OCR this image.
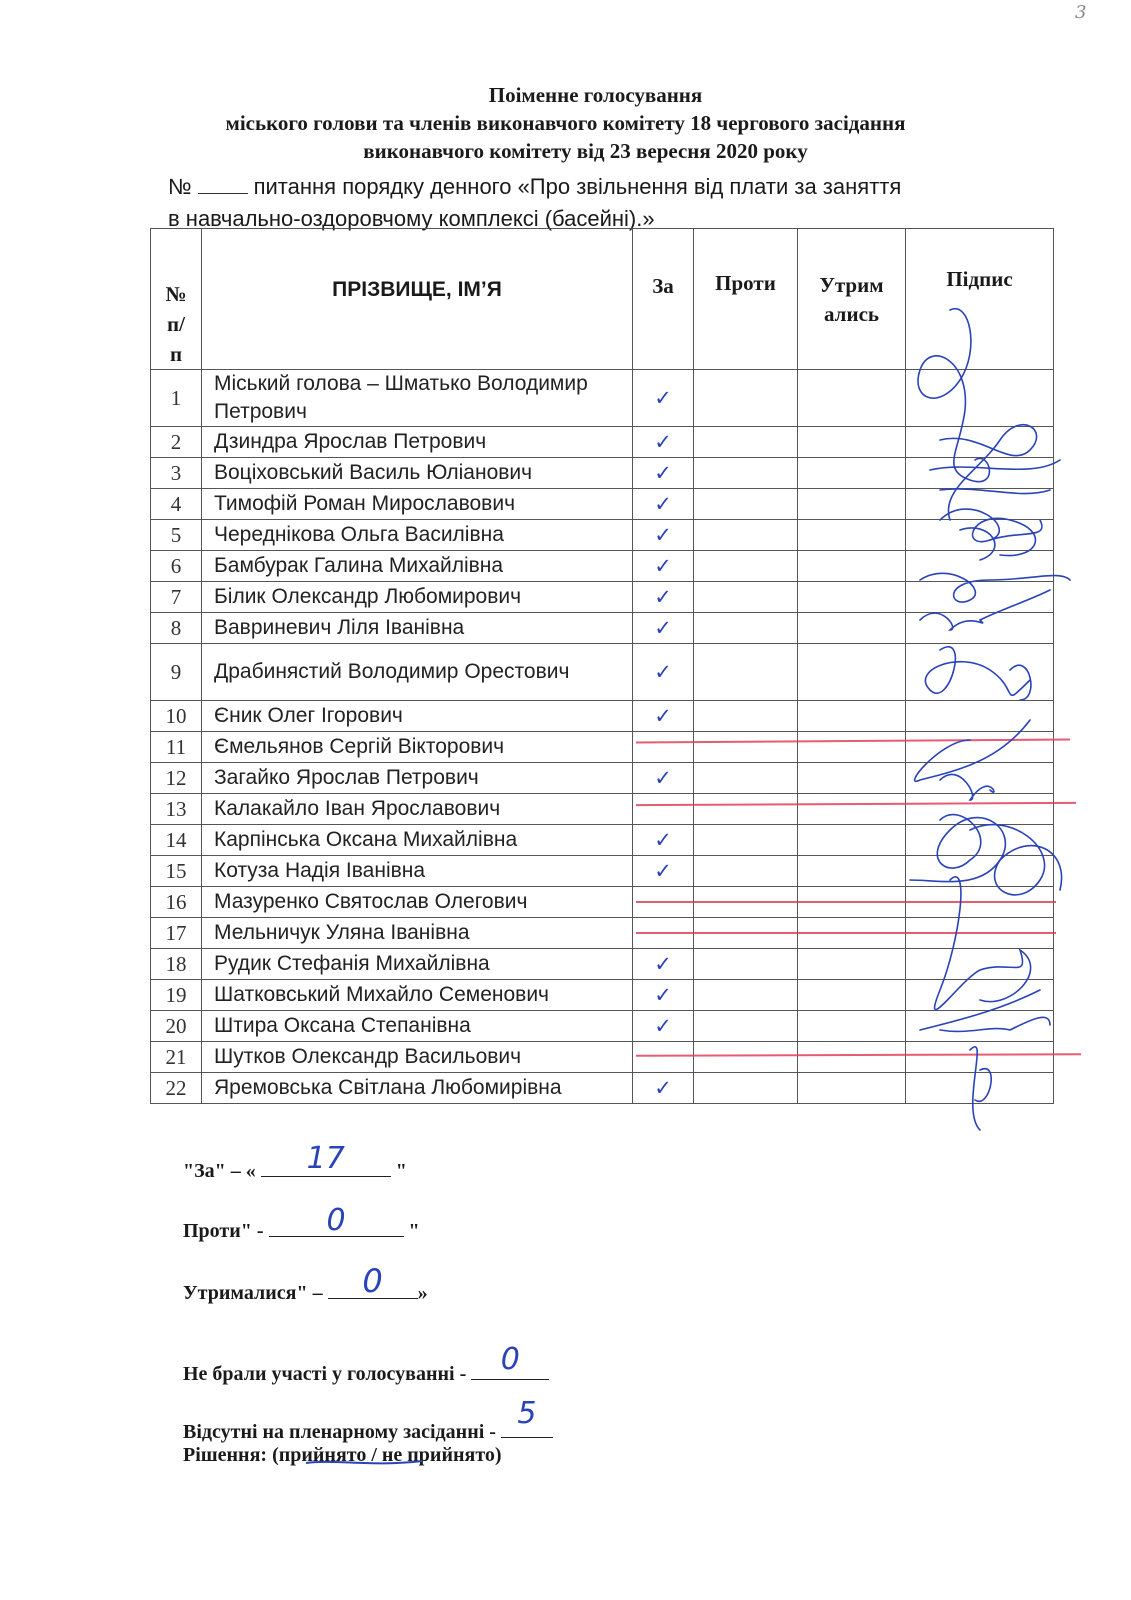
3
Поіменне голосування
міського голови та членів виконавчого комітету 18 чергового засідання
виконавчого комітету від 23 вересня 2020 року
№	питання порядку денного «Про звільнення від плати за заняття
в навчально-оздоровчому комплексі (басейні).»
№
п/
п	ПРІЗВИЩЕ, ІМ’Я	За	Проти	Утрим
ались	Підпис
1	Міський голова – Шматько Володимир Петрович	✓			
2	Дзиндра Ярослав Петрович	✓			
3	Воціховський Василь Юліанович	✓			
4	Тимофій Роман Мирославович	✓			
5	Череднікова Ольга Василівна	✓			
6	Бамбурак Галина Михайлівна	✓			
7	Білик Олександр Любомирович	✓			
8	Вавриневич Ліля Іванівна	✓			
9	Драбинястий Володимир Орестович	✓			
10	Єник Олег Ігорович	✓			
11	Ємельянов Сергій Вікторович				
12	Загайко Ярослав Петрович	✓			
13	Калакайло Іван Ярославович				
14	Карпінська Оксана Михайлівна	✓			
15	Котуза Надія Іванівна	✓			
16	Мазуренко Святослав Олегович				
17	Мельничук Уляна Іванівна				
18	Рудик Стефанія Михайлівна	✓			
19	Шатковський Михайло Семенович	✓			
20	Штира Оксана Степанівна	✓			
21	Шутков Олександр Васильович				
22	Яремовська Світлана Любомирівна	✓			
"За" – «	17	"
Проти" -	0	"
Утрималися" –	0	»
Не брали участі у голосуванні -	0
Відсутні на пленарному засіданні -
5
Рішення: (прийнято / не прийнято)
